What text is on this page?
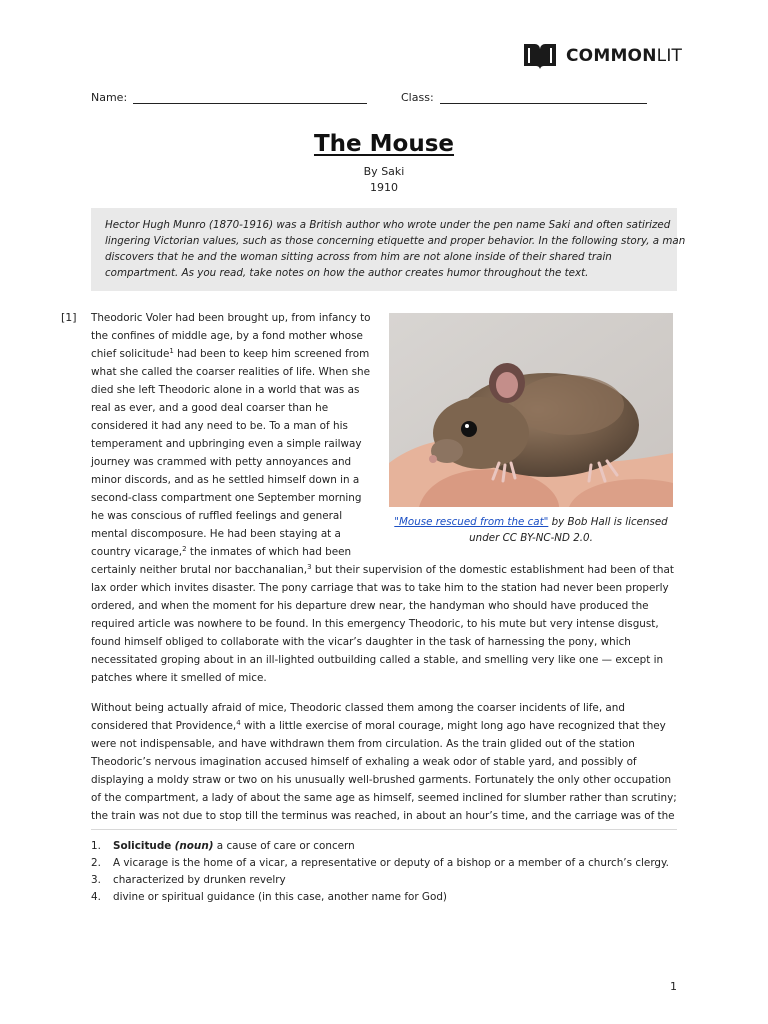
COMMONLIT
Name:	Class:
The Mouse
By Saki
1910
Hector Hugh Munro (1870-1916) was a British author who wrote under the pen name Saki and often satirized
lingering Victorian values, such as those concerning etiquette and proper behavior. In the following story, a man
discovers that he and the woman sitting across from him are not alone inside of their shared train
compartment. As you read, take notes on how the author creates humor throughout the text.
[1] Theodoric Voler had been brought up, from infancy to
the confines of middle age, by a fond mother whose
chief solicitude$^1$ had been to keep him screened from
what she called the coarser realities of life. When she
died she left Theodoric alone in a world that was as
real as ever, and a good deal coarser than he
considered it had any need to be. To a man of his
temperament and upbringing even a simple railway
journey was crammed with petty annoyances and
minor discords, and as he settled himself down in a
second-class compartment one September morning
he was conscious of ruffled feelings and general
mental discomposure. He had been staying at a
country vicarage,$^2$ the inmates of which had been
certainly neither brutal nor bacchanalian,$^3$ but their supervision of the domestic establishment had been of that
lax order which invites disaster. The pony carriage that was to take him to the station had never been properly
ordered, and when the moment for his departure drew near, the handyman who should have produced the
required article was nowhere to be found. In this emergency Theodoric, to his mute but very intense disgust,
found himself obliged to collaborate with the vicar’s daughter in the task of harnessing the pony, which
necessitated groping about in an ill-lighted outbuilding called a stable, and smelling very like one — except in
patches where it smelled of mice.
"Mouse rescued from the cat" by Bob Hall is licensed
under CC BY-NC-ND 2.0.
Without being actually afraid of mice, Theodoric classed them among the coarser incidents of life, and
considered that Providence,$^4$ with a little exercise of moral courage, might long ago have recognized that they
were not indispensable, and have withdrawn them from circulation. As the train glided out of the station
Theodoric’s nervous imagination accused himself of exhaling a weak odor of stable yard, and possibly of
displaying a moldy straw or two on his unusually well-brushed garments. Fortunately the only other occupation
of the compartment, a lady of about the same age as himself, seemed inclined for slumber rather than scrutiny;
the train was not due to stop till the terminus was reached, in about an hour’s time, and the carriage was of the
1.	Solicitude (noun) a cause of care or concern
2.	A vicarage is the home of a vicar, a representative or deputy of a bishop or a member of a church’s clergy.
3.	characterized by drunken revelry
4.	divine or spiritual guidance (in this case, another name for God)
1
